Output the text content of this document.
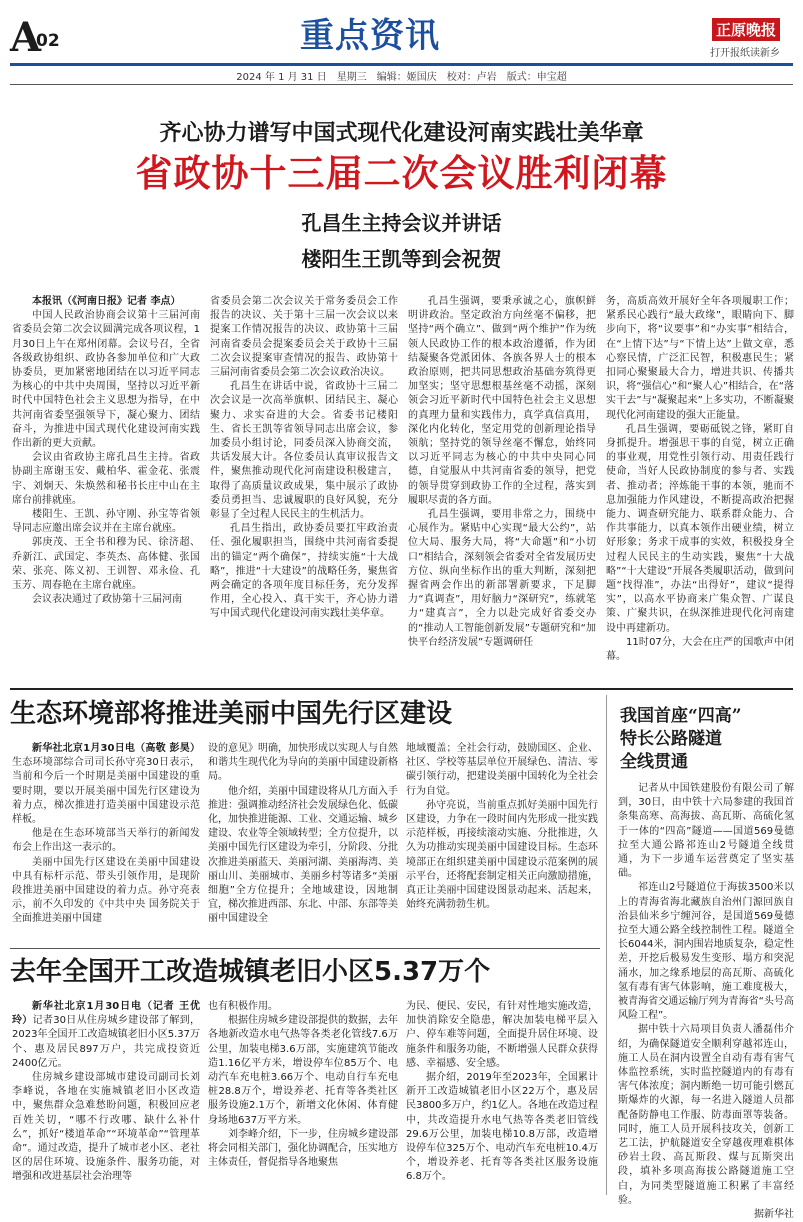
A
02	重点资讯	正原晚报
打开报纸读新乡
2024 年 1 月 31 日　星期三　编辑：姬国庆　校对：卢岩　版式：申宝超
齐心协力谱写中国式现代化建设河南实践壮美华章
省政协十三届二次会议胜利闭幕
孔昌生主持会议并讲话
楼阳生王凯等到会祝贺

本报讯（《河南日报》记者 李点）

中国人民政治协商会议第十三届河南省委员会第二次会议圆满完成各项议程，1月30日上午在郑州闭幕。会议号召，全省各级政协组织、政协各参加单位和广大政协委员，更加紧密地团结在以习近平同志为核心的中共中央周围，坚持以习近平新时代中国特色社会主义思想为指导，在中共河南省委坚强领导下，凝心聚力、团结奋斗，为推进中国式现代化建设河南实践作出新的更大贡献。

会议由省政协主席孔昌生主持。省政协副主席谢玉安、戴柏华、霍金花、张震宇、刘炯天、朱焕然和秘书长庄中山在主席台前排就座。

楼阳生、王凯、孙守刚、孙宝等省领导同志应邀出席会议并在主席台就座。

郭庚茂、王全书和穆为民、徐济超、乔新江、武国定、李英杰、高体健、张国荣、张亮、陈义初、王训智、邓永俭、孔玉芳、周春艳在主席台就座。

会议表决通过了政协第十三届河南

省委员会第二次会议关于常务委员会工作报告的决议、关于第十三届一次会议以来提案工作情况报告的决议、政协第十三届河南省委员会提案委员会关于政协十三届二次会议提案审查情况的报告、政协第十三届河南省委员会第二次会议政治决议。

孔昌生在讲话中说，省政协十三届二次会议是一次高举旗帜、团结民主、凝心聚力、求实奋进的大会。省委书记楼阳生、省长王凯等省领导同志出席会议，参加委员小组讨论，同委员深入协商交流，共话发展大计。各位委员认真审议报告文件，聚焦推动现代化河南建设积极建言，取得了高质量议政成果，集中展示了政协委员勇担当、忠诚履职的良好风貌，充分彰显了全过程人民民主的生机活力。

孔昌生指出，政协委员要扛牢政治责任、强化履职担当，围绕中共河南省委提出的锚定“两个确保”，持续实施“十大战略”，推进“十大建设”的战略任务，聚焦省两会确定的各项年度目标任务，充分发挥作用，全心投入、真干实干，齐心协力谱写中国式现代化建设河南实践壮美华章。

孔昌生强调，要秉承诚之心，旗帜鲜明讲政治。坚定政治方向丝毫不偏移，把坚持“两个确立”、做到“两个维护”作为统领人民政协工作的根本政治遵循，作为团结凝聚各党派团体、各族各界人士的根本政治原则，把共同思想政治基础夯筑得更加坚实；坚守思想根基丝毫不动摇，深刻领会习近平新时代中国特色社会主义思想的真理力量和实践伟力，真学真信真用，深化内化转化，坚定用党的创新理论指导领航；坚持党的领导丝毫不懈怠，始终同以习近平同志为核心的中共中央同心同德，自觉服从中共河南省委的领导，把党的领导贯穿到政协工作的全过程，落实到履职尽责的各方面。

孔昌生强调，要用非常之力，围绕中心展作为。紧贴中心实现“最大公约”，站位大局、服务大局，将“大命题”和“小切口”相结合，深刻领会省委对全省发展历史方位、纵向坐标作出的重大判断，深刻把握省两会作出的新部署新要求，下足脚力“真调查”，用好脑力“深研究”，练就笔力“建真言”，全力以赴完成好省委交办的“推动人工智能创新发展”专题研究和“加快平台经济发展”专题调研任

务，高质高效开展好全年各项履职工作；紧系民心践行“最大政缘”，眼睛向下、脚步向下，将“议要事”和“办实事”相结合，在“上情下达”与“下情上达”上做文章，悉心察民情，广泛汇民智，积极惠民生；紧扣同心聚聚最大合力，增进共识、传播共识，将“强信心”和“聚人心”相结合，在“落实干去”与“凝聚起来”上多实功，不断凝聚现代化河南建设的强大正能量。

孔昌生强调，要砺砥锐之锋，紧盯自身抓提升。增强思干事的自觉，树立正确的事业观，用党性引领行动、用责任践行使命，当好人民政协制度的参与者、实践者、推动者；淬炼能干事的本领，驰而不息加强能力作风建设，不断提高政治把握能力、调查研究能力、联系群众能力、合作共事能力，以真本领作出硬业绩，树立好形象；务求干成事的实效，积极投身全过程人民民主的生动实践，聚焦“十大战略”“十大建设”开展各类履职活动，做到问题“找得准”，办法“出得好”，建议“提得实”，以高水平协商来广集众智、广谋良策、广聚共识，在纵深推进现代化河南建设中再建新功。

11时07分，大会在庄严的国歌声中闭幕。

生态环境部将推进美丽中国先行区建设

新华社北京1月30日电（高敬 彭昊）生态环境部综合司司长孙守亮30日表示，当前和今后一个时期是美丽中国建设的重要时期，要以开展美丽中国先行区建设为着力点，梯次推进打造美丽中国建设示范样板。

他是在生态环境部当天举行的新闻发布会上作出这一表示的。

美丽中国先行区建设在美丽中国建设中具有标杆示范、带头引领作用，是现阶段推进美丽中国建设的着力点。孙守亮表示，前不久印发的《中共中央 国务院关于全面推进美丽中国建

设的意见》明确，加快形成以实现人与自然和谐共生现代化为导向的美丽中国建设新格局。

他介绍，美丽中国建设将从几方面入手推进：强调推动经济社会发展绿色化、低碳化，加快推进能源、工业、交通运输、城乡建设、农业等全领域转型；全方位提升，以美丽中国先行区建设为牵引，分阶段、分批次推进美丽蓝天、美丽河湖、美丽海湾、美丽山川、美丽城市、美丽乡村等诸多“美丽细胞”全方位提升；全地域建设，因地制宜，梯次推进西部、东北、中部、东部等美丽中国建设全

地域覆盖；全社会行动，鼓励国区、企业、社区、学校等基层单位开展绿色、清洁、零碳引领行动，把建设美丽中国转化为全社会行为自觉。

孙守亮说，当前重点抓好美丽中国先行区建设，力争在一段时间内先形成一批实践示范样板，再接续滚动实施、分批推进，久久为功推动实现美丽中国建设目标。生态环境部正在组织建美丽中国建设示范案例的展示平台，还将配套制定相关正向激励措施，真正让美丽中国建设图景动起来、活起来，始终充满勃勃生机。

去年全国开工改造城镇老旧小区5.37万个

新华社北京1月30日电（记者 王优玲）记者30日从住房城乡建设部了解到，2023年全国开工改造城镇老旧小区5.37万个、惠及居民897万户，共完成投资近2400亿元。

住房城乡建设部城市建设司副司长刘李峰说，各地在实施城镇老旧小区改造中，聚焦群众急难愁盼问题，积极回应老百姓关切，“哪不行改哪、缺什么补什么”，抓好“楼道革命”“环境革命”“管理革命”。通过改造，提升了城市老小区、老社区的居住环境、设施条件、服务功能，对增强和改进基层社会治理等

也有积极作用。

根据住房城乡建设部提供的数据，去年各地新改造水电气热等各类老化管线7.6万公里，加装电梯3.6万部，实施建筑节能改造1.16亿平方米，增设停车位85万个、电动汽车充电桩3.66万个、电动自行车充电桩28.8万个，增设养老、托育等各类社区服务设施2.1万个，新增文化休闲、体育健身场地637万平方米。

刘李峰介绍，下一步，住房城乡建设部将会同相关部门，强化协调配合，压实地方主体责任，督促指导各地聚焦

为民、便民、安民，有针对性地实施改造，加快消除安全隐患，解决加装电梯平层入户、停车难等问题，全面提升居住环境、设施条件和服务功能，不断增强人民群众获得感、幸福感、安全感。

据介绍，2019年至2023年，全国累计新开工改造城镇老旧小区22万个，惠及居民3800多万户，约1亿人。各地在改造过程中，共改造提升水电气热等各类老旧管线29.6万公里，加装电梯10.8万部，改造增设停车位325万个、电动汽车充电桩10.4万个，增设养老、托育等各类社区服务设施6.8万个。

我国首座“四高”
特长公路隧道
全线贯通

记者从中国铁建股份有限公司了解到，30日，由中铁十六局参建的我国首条集高寒、高海拔、高瓦斯、高硫化氢于一体的“四高”隧道——国道569曼德拉至大通公路祁连山2号隧道全线贯通，为下一步通车运营奠定了坚实基础。

祁连山2号隧道位于海拔3500米以上的青海省海北藏族自治州门源回族自治县仙米乡宁缠河谷，是国道569曼德拉至大通公路全线控制性工程。隧道全长6044米，洞内围岩地质复杂，稳定性差，开挖后极易发生变形、塌方和突泥涌水，加之缘系地层的高瓦斯、高硫化氢有毒有害气体影响，施工难度极大，被青海省交通运输厅列为青海省“头号高风险工程”。

据中铁十六局项目负责人潘磊伟介绍，为确保隧道安全顺利穿越祁连山，施工人员在洞内设置全自动有毒有害气体监控系统，实时监控隧道内的有毒有害气体浓度；洞内断绝一切可能引燃瓦斯爆炸的火源，每一名进入隧道人员都配备防静电工作服、防毒面罩等装备。同时，施工人员开展科技攻关，创新工艺工法，护航隧道安全穿越夜理难棋体砂岩土段、高瓦斯段、煤与瓦斯突出段，填补多项高海拔公路隧道施工空白，为同类型隧道施工积累了丰富经验。

据新华社
